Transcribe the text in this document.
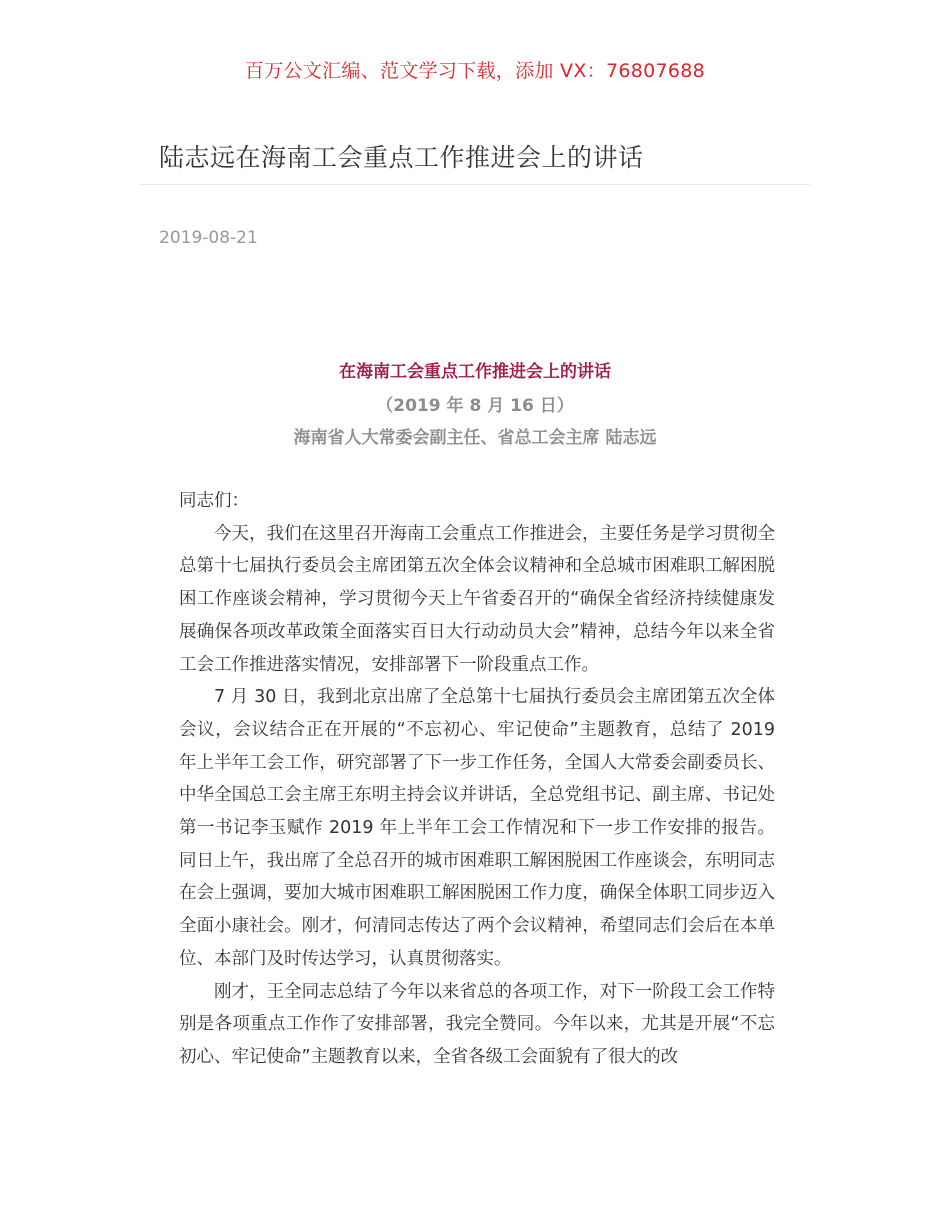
百万公文汇编、范文学习下载，添加 VX：76807688
陆志远在海南工会重点工作推进会上的讲话
2019-08-21
在海南工会重点工作推进会上的讲话
（2019 年 8 月 16 日）
海南省人大常委会副主任、省总工会主席 陆志远

同志们：

今天，我们在这里召开海南工会重点工作推进会，主要任务是学习贯彻全总第十七届执行委员会主席团第五次全体会议精神和全总城市困难职工解困脱困工作座谈会精神，学习贯彻今天上午省委召开的“确保全省经济持续健康发展确保各项改革政策全面落实百日大行动动员大会”精神，总结今年以来全省工会工作推进落实情况，安排部署下一阶段重点工作。

7 月 30 日，我到北京出席了全总第十七届执行委员会主席团第五次全体会议，会议结合正在开展的“不忘初心、牢记使命”主题教育，总结了 2019 年上半年工会工作，研究部署了下一步工作任务，全国人大常委会副委员长、中华全国总工会主席王东明主持会议并讲话，全总党组书记、副主席、书记处第一书记李玉赋作 2019 年上半年工会工作情况和下一步工作安排的报告。同日上午，我出席了全总召开的城市困难职工解困脱困工作座谈会，东明同志在会上强调，要加大城市困难职工解困脱困工作力度，确保全体职工同步迈入全面小康社会。刚才，何清同志传达了两个会议精神，希望同志们会后在本单位、本部门及时传达学习，认真贯彻落实。

刚才，王全同志总结了今年以来省总的各项工作，对下一阶段工会工作特别是各项重点工作作了安排部署，我完全赞同。今年以来，尤其是开展“不忘初心、牢记使命”主题教育以来，全省各级工会面貌有了很大的改
